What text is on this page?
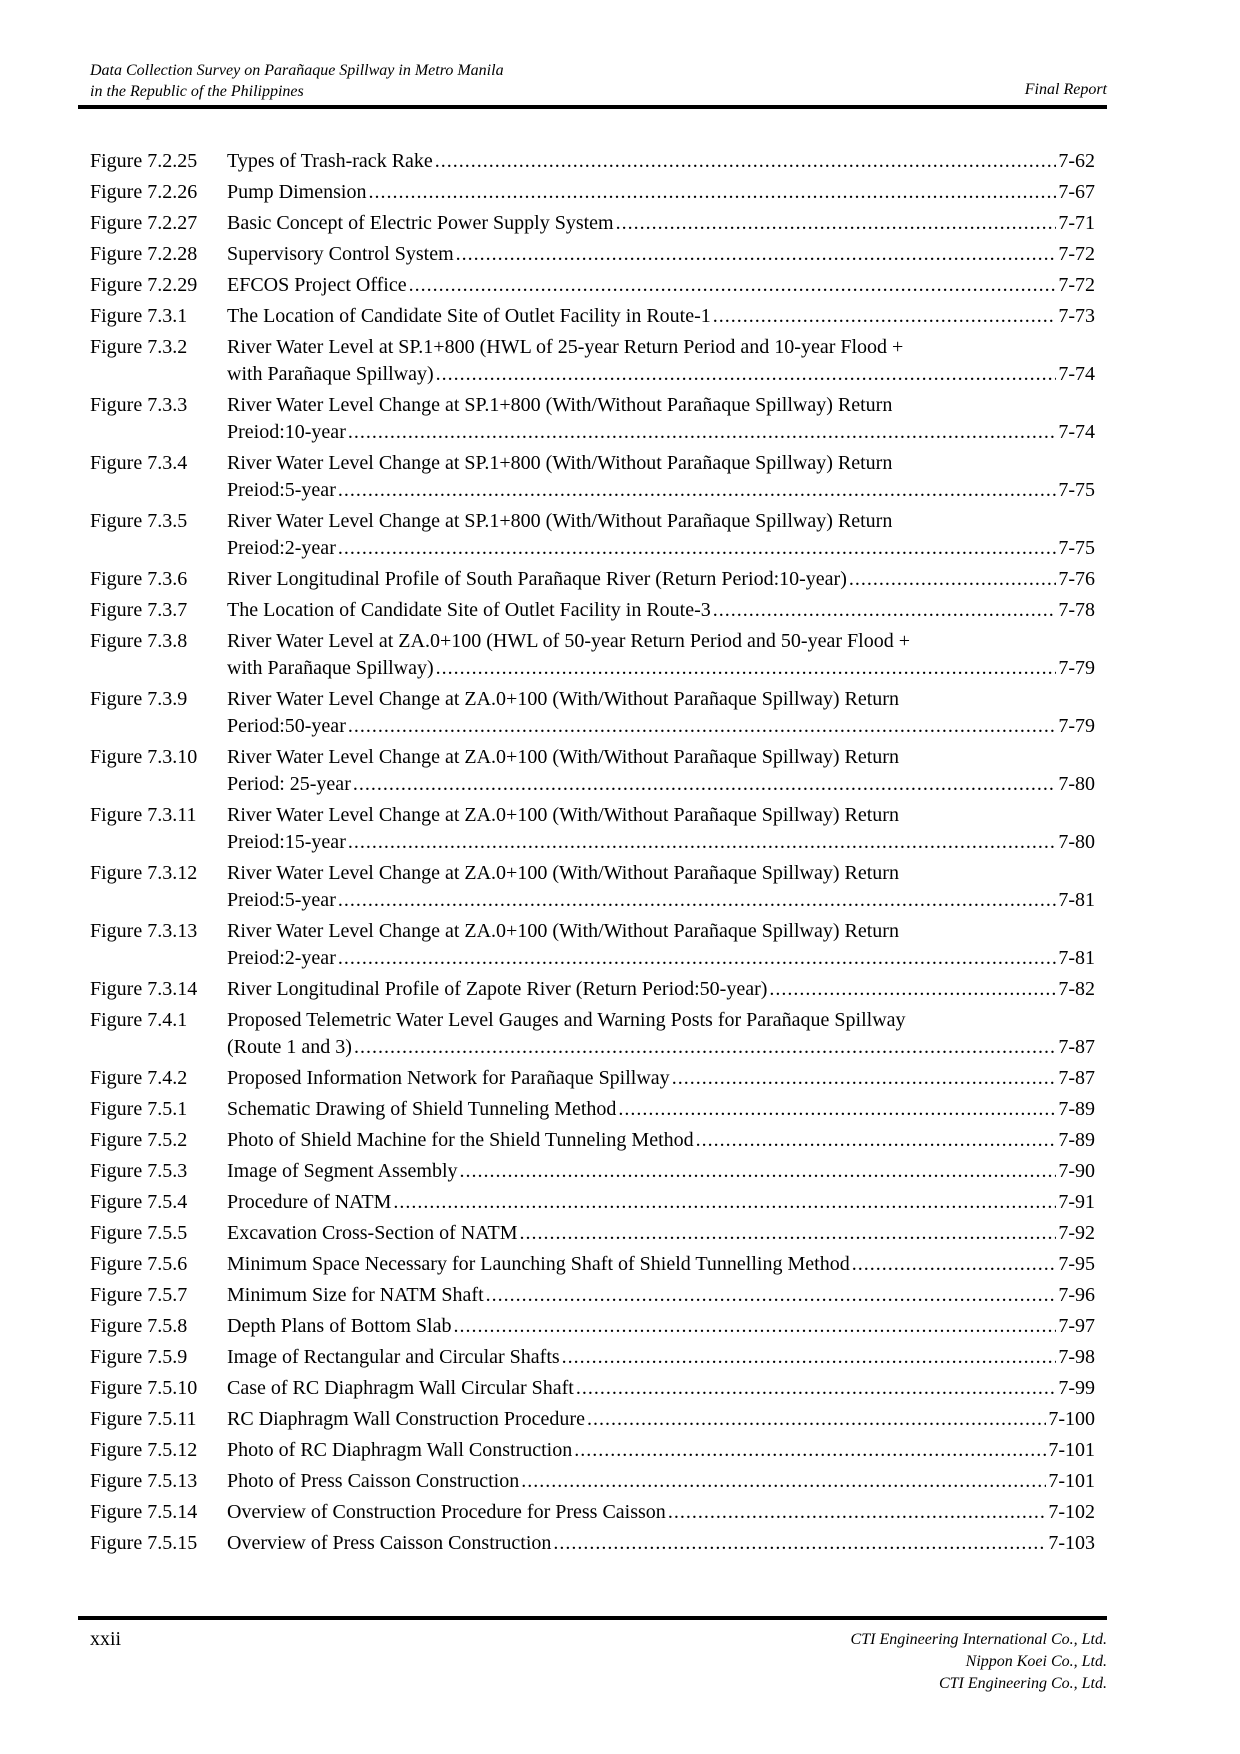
Data Collection Survey on Parañaque Spillway in Metro Manila
in the Republic of the Philippines	Final Report
Figure 7.2.25	Types of Trash-rack Rake .....	7-62
Figure 7.2.26	Pump Dimension .....	7-67
Figure 7.2.27	Basic Concept of Electric Power Supply System .....	7-71
Figure 7.2.28	Supervisory Control System .....	7-72
Figure 7.2.29	EFCOS Project Office .....	7-72
Figure 7.3.1	The Location of Candidate Site of Outlet Facility in Route-1 .....	7-73
Figure 7.3.2	River Water Level at SP.1+800 (HWL of 25-year Return Period and 10-year Flood +
with Parañaque Spillway) .....	7-74
Figure 7.3.3	River Water Level Change at SP.1+800 (With/Without Parañaque Spillway) Return
Preiod:10-year .....	7-74
Figure 7.3.4	River Water Level Change at SP.1+800 (With/Without Parañaque Spillway) Return
Preiod:5-year .....	7-75
Figure 7.3.5	River Water Level Change at SP.1+800 (With/Without Parañaque Spillway) Return
Preiod:2-year .....	7-75
Figure 7.3.6	River Longitudinal Profile of South Parañaque River (Return Period:10-year) .....	7-76
Figure 7.3.7	The Location of Candidate Site of Outlet Facility in Route-3 .....	7-78
Figure 7.3.8	River Water Level at ZA.0+100 (HWL of 50-year Return Period and 50-year Flood +
with Parañaque Spillway) .....	7-79
Figure 7.3.9	River Water Level Change at ZA.0+100 (With/Without Parañaque Spillway) Return
Period:50-year .....	7-79
Figure 7.3.10	River Water Level Change at ZA.0+100 (With/Without Parañaque Spillway) Return
Period: 25-year .....	7-80
Figure 7.3.11	River Water Level Change at ZA.0+100 (With/Without Parañaque Spillway) Return
Preiod:15-year .....	7-80
Figure 7.3.12	River Water Level Change at ZA.0+100 (With/Without Parañaque Spillway) Return
Preiod:5-year .....	7-81
Figure 7.3.13	River Water Level Change at ZA.0+100 (With/Without Parañaque Spillway) Return
Preiod:2-year .....	7-81
Figure 7.3.14	River Longitudinal Profile of Zapote River (Return Period:50-year) .....	7-82
Figure 7.4.1	Proposed Telemetric Water Level Gauges and Warning Posts for Parañaque Spillway
(Route 1 and 3) .....	7-87
Figure 7.4.2	Proposed Information Network for Parañaque Spillway .....	7-87
Figure 7.5.1	Schematic Drawing of Shield Tunneling Method .....	7-89
Figure 7.5.2	Photo of Shield Machine for the Shield Tunneling Method .....	7-89
Figure 7.5.3	Image of Segment Assembly .....	7-90
Figure 7.5.4	Procedure of NATM .....	7-91
Figure 7.5.5	Excavation Cross-Section of NATM .....	7-92
Figure 7.5.6	Minimum Space Necessary for Launching Shaft of Shield Tunnelling Method .....	7-95
Figure 7.5.7	Minimum Size for NATM Shaft .....	7-96
Figure 7.5.8	Depth Plans of Bottom Slab .....	7-97
Figure 7.5.9	Image of Rectangular and Circular Shafts .....	7-98
Figure 7.5.10	Case of RC Diaphragm Wall Circular Shaft .....	7-99
Figure 7.5.11	RC Diaphragm Wall Construction Procedure .....	7-100
Figure 7.5.12	Photo of RC Diaphragm Wall Construction .....	7-101
Figure 7.5.13	Photo of Press Caisson Construction .....	7-101
Figure 7.5.14	Overview of Construction Procedure for Press Caisson .....	7-102
Figure 7.5.15	Overview of Press Caisson Construction .....	7-103
xxii	CTI Engineering International Co., Ltd.
Nippon Koei Co., Ltd.
CTI Engineering Co., Ltd.
